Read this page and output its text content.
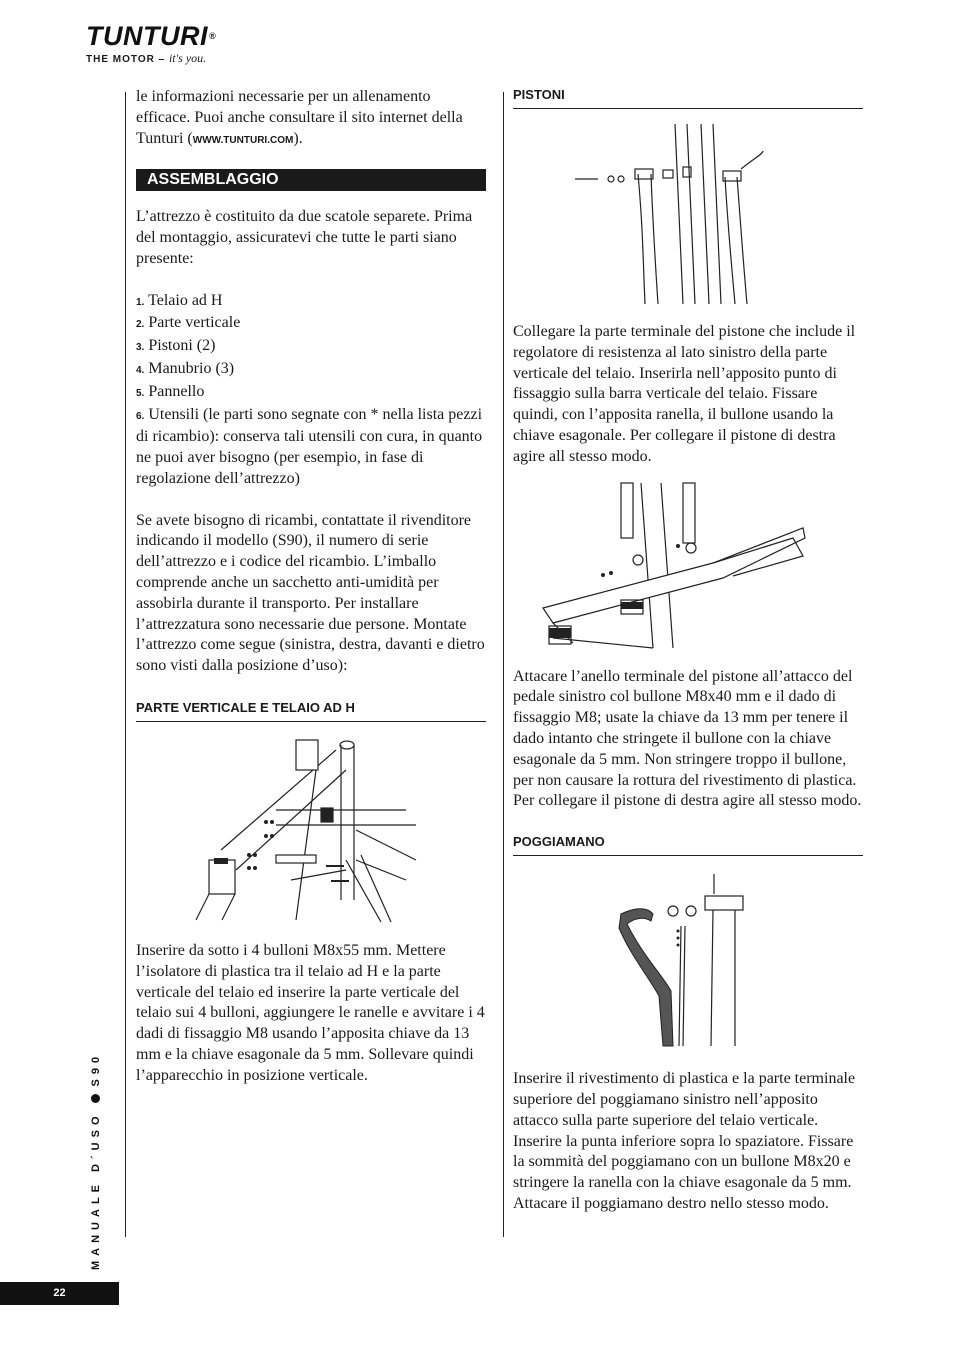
TUNTURI®
THE MOTOR – it's you.

le informazioni necessarie per un allenamento efficace. Puoi anche consultare il sito internet della Tunturi (WWW.TUNTURI.COM).

ASSEMBLAGGIO

L’attrezzo è costituito da due scatole separete. Prima del montaggio, assicuratevi che tutte le parti siano presente:

1. Telaio ad H

2. Parte verticale

3. Pistoni (2)

4. Manubrio (3)

5. Pannello

6. Utensili (le parti sono segnate con * nella lista pezzi di ricambio): conserva tali utensili con cura, in quanto ne puoi aver bisogno (per esempio, in fase di regolazione dell’attrezzo)

Se avete bisogno di ricambi, contattate il rivenditore indicando il modello (S90), il numero di serie dell’attrezzo e i codice del ricambio. L’imballo comprende anche un sacchetto anti-umidità per assobirla durante il transporto. Per installare l’attrezzatura sono necessarie due persone. Montate l’attrezzo come segue (sinistra, destra, davanti e dietro sono visti dalla posizione d’uso):

PARTE VERTICALE E TELAIO AD H

Inserire da sotto i 4 bulloni M8x55 mm. Mettere l’isolatore di plastica tra il telaio ad H e la parte verticale del telaio ed inserire la parte verticale del telaio sui 4 bulloni, aggiungere le ranelle e avvitare i 4 dadi di fissaggio M8 usando l’apposita chiave da 13 mm e la chiave esagonale da 5 mm. Sollevare quindi l’apparecchio in posizione verticale.

PISTONI

Collegare la parte terminale del pistone che include il regolatore di resistenza al lato sinistro della parte verticale del telaio. Inserirla nell’apposito punto di fissaggio sulla barra verticale del telaio. Fissare quindi, con l’apposita ranella, il bullone usando la chiave esagonale. Per collegare il pistone di destra agire all stesso modo.

Attacare l’anello terminale del pistone all’attacco del pedale sinistro col bullone M8x40 mm e il dado di fissaggio M8; usate la chiave da 13 mm per tenere il dado intanto che stringete il bullone con la chiave esagonale da 5 mm. Non stringere troppo il bullone, per non causare la rottura del rivestimento di plastica. Per collegare il pistone di destra agire all stesso modo.

POGGIAMANO

Inserire il rivestimento di plastica e la parte terminale superiore del poggiamano sinistro nell’apposito attacco sulla parte superiore del telaio verticale. Inserire la punta inferiore sopra lo spaziatore. Fissare la sommità del poggiamano con un bullone M8x20 e stringere la ranella con la chiave esagonale da 5 mm. Attacare il poggiamano destro nello stesso modo.

MANUALE D´USOS90
22
